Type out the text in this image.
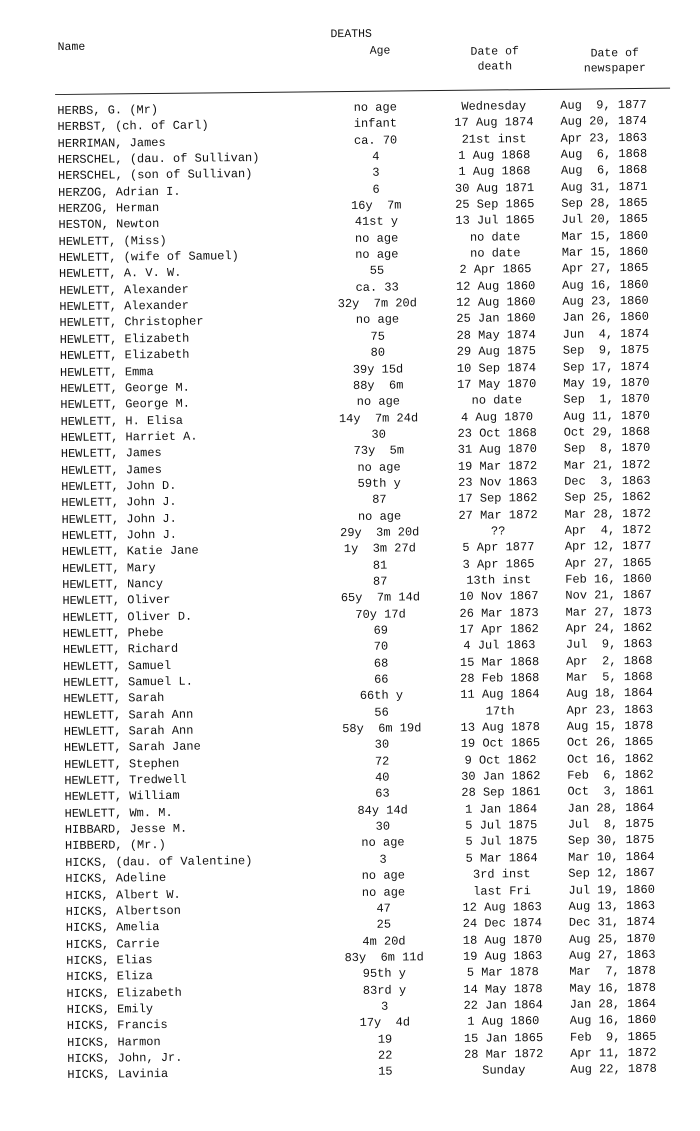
Name
DEATHS
Age	Date of
death
Date of
newspaper
HERBS, G. (Mr)	no age	Wednesday	Aug  9, 1877
HERBST, (ch. of Carl)	infant	17 Aug 1874	Aug 20, 1874
HERRIMAN, James	ca. 70	21st inst	Apr 23, 1863
HERSCHEL, (dau. of Sullivan)	4	1 Aug 1868	Aug  6, 1868
HERSCHEL, (son of Sullivan)	3	1 Aug 1868	Aug  6, 1868
HERZOG, Adrian I.	6	30 Aug 1871	Aug 31, 1871
HERZOG, Herman	16y  7m	25 Sep 1865	Sep 28, 1865
HESTON, Newton	41st y	13 Jul 1865	Jul 20, 1865
HEWLETT, (Miss)	no age	no date	Mar 15, 1860
HEWLETT, (wife of Samuel)	no age	no date	Mar 15, 1860
HEWLETT, A. V. W.	55	2 Apr 1865	Apr 27, 1865
HEWLETT, Alexander	ca. 33	12 Aug 1860	Aug 16, 1860
HEWLETT, Alexander	32y  7m 20d	12 Aug 1860	Aug 23, 1860
HEWLETT, Christopher	no age	25 Jan 1860	Jan 26, 1860
HEWLETT, Elizabeth	75	28 May 1874	Jun  4, 1874
HEWLETT, Elizabeth	80	29 Aug 1875	Sep  9, 1875
HEWLETT, Emma	39y 15d	10 Sep 1874	Sep 17, 1874
HEWLETT, George M.	88y  6m	17 May 1870	May 19, 1870
HEWLETT, George M.	no age	no date	Sep  1, 1870
HEWLETT, H. Elisa	14y  7m 24d	4 Aug 1870	Aug 11, 1870
HEWLETT, Harriet A.	30	23 Oct 1868	Oct 29, 1868
HEWLETT, James	73y  5m	31 Aug 1870	Sep  8, 1870
HEWLETT, James	no age	19 Mar 1872	Mar 21, 1872
HEWLETT, John D.	59th y	23 Nov 1863	Dec  3, 1863
HEWLETT, John J.	87	17 Sep 1862	Sep 25, 1862
HEWLETT, John J.	no age	27 Mar 1872	Mar 28, 1872
HEWLETT, John J.	29y  3m 20d	??	Apr  4, 1872
HEWLETT, Katie Jane	1y  3m 27d	5 Apr 1877	Apr 12, 1877
HEWLETT, Mary	81	3 Apr 1865	Apr 27, 1865
HEWLETT, Nancy	87	13th inst	Feb 16, 1860
HEWLETT, Oliver	65y  7m 14d	10 Nov 1867	Nov 21, 1867
HEWLETT, Oliver D.	70y 17d	26 Mar 1873	Mar 27, 1873
HEWLETT, Phebe	69	17 Apr 1862	Apr 24, 1862
HEWLETT, Richard	70	4 Jul 1863	Jul  9, 1863
HEWLETT, Samuel	68	15 Mar 1868	Apr  2, 1868
HEWLETT, Samuel L.	66	28 Feb 1868	Mar  5, 1868
HEWLETT, Sarah	66th y	11 Aug 1864	Aug 18, 1864
HEWLETT, Sarah Ann	56	17th	Apr 23, 1863
HEWLETT, Sarah Ann	58y  6m 19d	13 Aug 1878	Aug 15, 1878
HEWLETT, Sarah Jane	30	19 Oct 1865	Oct 26, 1865
HEWLETT, Stephen	72	9 Oct 1862	Oct 16, 1862
HEWLETT, Tredwell	40	30 Jan 1862	Feb  6, 1862
HEWLETT, William	63	28 Sep 1861	Oct  3, 1861
HEWLETT, Wm. M.	84y 14d	1 Jan 1864	Jan 28, 1864
HIBBARD, Jesse M.	30	5 Jul 1875	Jul  8, 1875
HIBBERD, (Mr.)	no age	5 Jul 1875	Sep 30, 1875
HICKS, (dau. of Valentine)	3	5 Mar 1864	Mar 10, 1864
HICKS, Adeline	no age	3rd inst	Sep 12, 1867
HICKS, Albert W.	no age	last Fri	Jul 19, 1860
HICKS, Albertson	47	12 Aug 1863	Aug 13, 1863
HICKS, Amelia	25	24 Dec 1874	Dec 31, 1874
HICKS, Carrie	4m 20d	18 Aug 1870	Aug 25, 1870
HICKS, Elias	83y  6m 11d	19 Aug 1863	Aug 27, 1863
HICKS, Eliza	95th y	5 Mar 1878	Mar  7, 1878
HICKS, Elizabeth	83rd y	14 May 1878	May 16, 1878
HICKS, Emily	3	22 Jan 1864	Jan 28, 1864
HICKS, Francis	17y  4d	1 Aug 1860	Aug 16, 1860
HICKS, Harmon	19	15 Jan 1865	Feb  9, 1865
HICKS, John, Jr.	22	28 Mar 1872	Apr 11, 1872
HICKS, Lavinia	15	Sunday	Aug 22, 1878
